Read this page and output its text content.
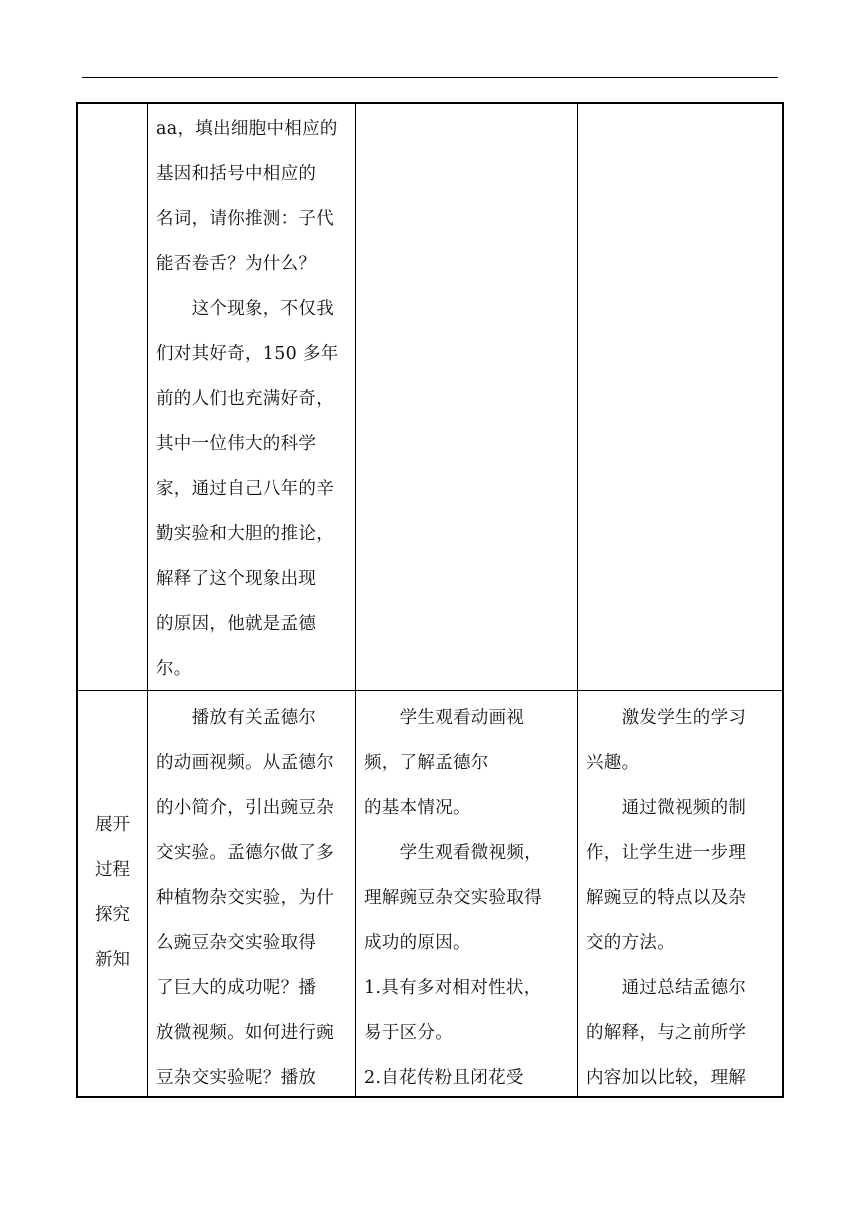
aa，填出细胞中相应的
基因和括号中相应的
名词，请你推测：子代
能否卷舌？为什么？
　　这个现象，不仅我
们对其好奇，150 多年
前的人们也充满好奇，
其中一位伟大的科学
家，通过自己八年的辛
勤实验和大胆的推论，
解释了这个现象出现
的原因，他就是孟德
尔。
展开
过程
探究
新知
　　播放有关孟德尔
的动画视频。从孟德尔
的小简介，引出豌豆杂
交实验。孟德尔做了多
种植物杂交实验，为什
么豌豆杂交实验取得
了巨大的成功呢？播
放微视频。如何进行豌
豆杂交实验呢？播放
　　学生观看动画视
频，了解孟德尔
的基本情况。
　　学生观看微视频，
理解豌豆杂交实验取得
成功的原因。
1.具有多对相对性状，
易于区分。
2.自花传粉且闭花受
　　激发学生的学习
兴趣。
　　通过微视频的制
作，让学生进一步理
解豌豆的特点以及杂
交的方法。
　　通过总结孟德尔
的解释，与之前所学
内容加以比较，理解
